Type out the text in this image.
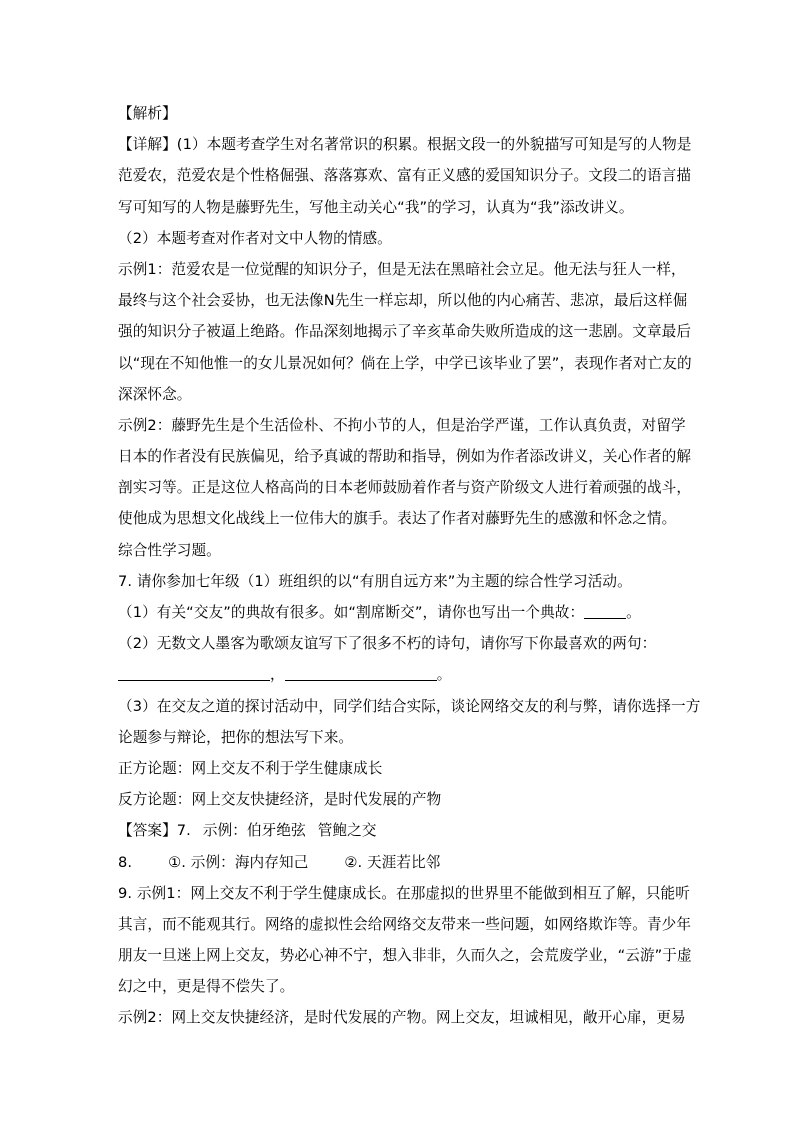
【解析】
【详解】(1）本题考查学生对名著常识的积累。根据文段一的外貌描写可知是写的人物是
范爱农，范爱农是个性格倔强、落落寡欢、富有正义感的爱国知识分子。文段二的语言描
写可知写的人物是藤野先生，写他主动关心“我”的学习，认真为“我”添改讲义。
（2）本题考查对作者对文中人物的情感。
示例1：范爱农是一位觉醒的知识分子，但是无法在黑暗社会立足。他无法与狂人一样，
最终与这个社会妥协，也无法像N先生一样忘却，所以他的内心痛苦、悲凉，最后这样倔
强的知识分子被逼上绝路。作品深刻地揭示了辛亥革命失败所造成的这一悲剧。文章最后
以“现在不知他惟一的女儿景况如何？倘在上学，中学已该毕业了罢”，表现作者对亡友的
深深怀念。
示例2：藤野先生是个生活俭朴、不拘小节的人，但是治学严谨，工作认真负责，对留学
日本的作者没有民族偏见，给予真诚的帮助和指导，例如为作者添改讲义，关心作者的解
剖实习等。正是这位人格高尚的日本老师鼓励着作者与资产阶级文人进行着顽强的战斗，
使他成为思想文化战线上一位伟大的旗手。表达了作者对藤野先生的感激和怀念之情。
综合性学习题。
7. 请你参加七年级（1）班组织的以“有朋自远方来”为主题的综合性学习活动。
（1）有关“交友”的典故有很多。如“割席断交”，请你也写出一个典故：	。
（2）无数文人墨客为歌颂友谊写下了很多不朽的诗句，请你写下你最喜欢的两句：
，	。
（3）在交友之道的探讨活动中，同学们结合实际，谈论网络交友的利与弊，请你选择一方
论题参与辩论，把你的想法写下来。
正方论题：网上交友不利于学生健康成长
反方论题：网上交友快捷经济，是时代发展的产物
【答案】7. 示例：伯牙绝弦 管鲍之交
8. ①. 示例：海内存知己 ②. 天涯若比邻
9. 示例1：网上交友不利于学生健康成长。在那虚拟的世界里不能做到相互了解，只能听
其言，而不能观其行。网络的虚拟性会给网络交友带来一些问题，如网络欺诈等。青少年
朋友一旦迷上网上交友，势必心神不宁，想入非非，久而久之，会荒废学业，“云游”于虚
幻之中，更是得不偿失了。
示例2：网上交友快捷经济，是时代发展的产物。网上交友，坦诚相见，敞开心扉，更易
